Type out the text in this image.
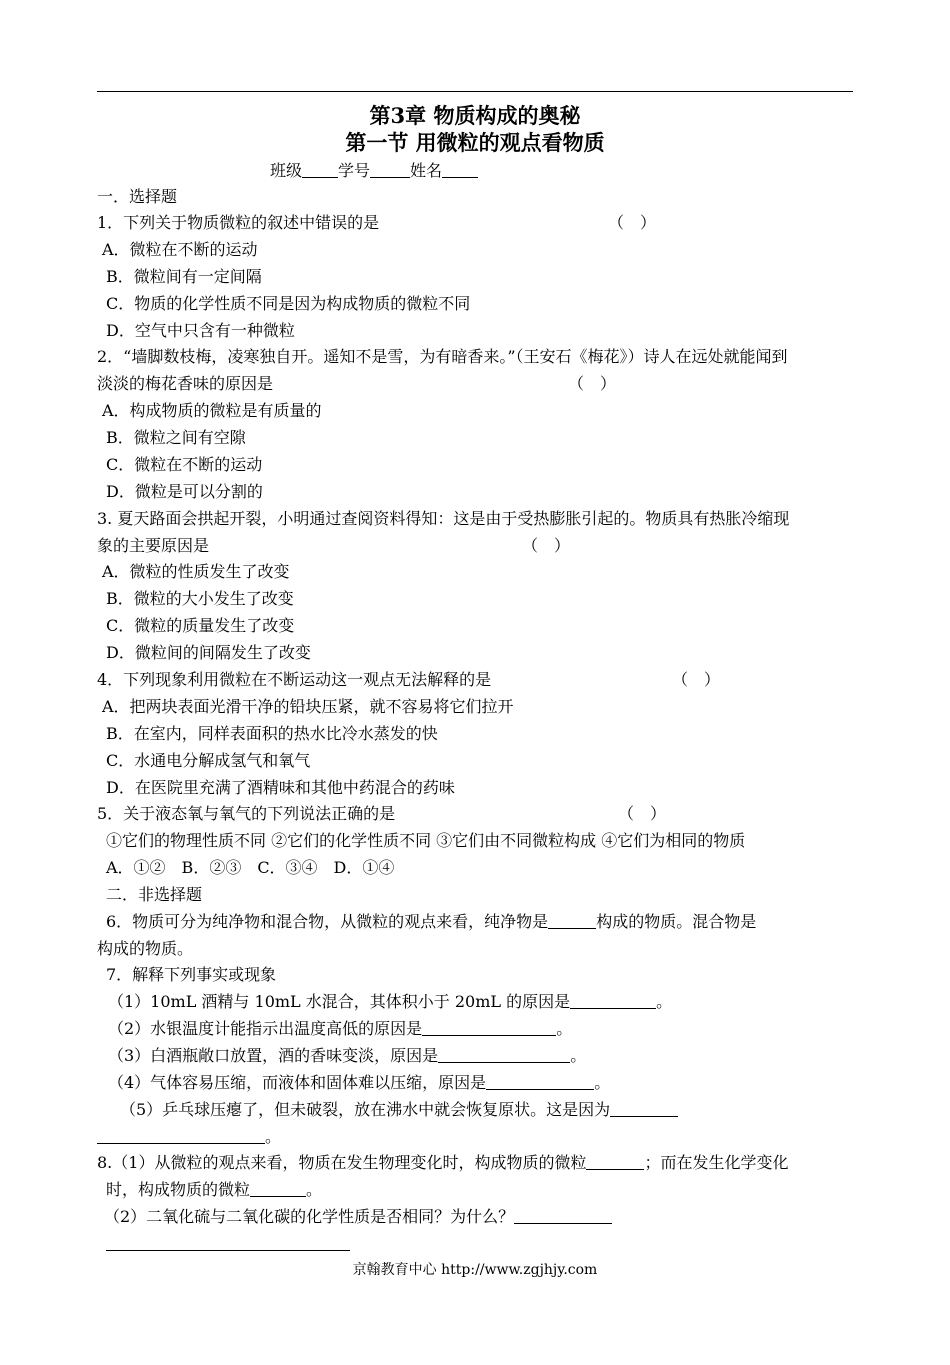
第3章 物质构成的奥秘
第一节 用微粒的观点看物质
班级 学号	姓名
一．选择题
1．下列关于物质微粒的叙述中错误的是	（　）
A．微粒在不断的运动
B．微粒间有一定间隔
C．物质的化学性质不同是因为构成物质的微粒不同
D．空气中只含有一种微粒
2．“墙脚数枝梅，凌寒独自开。遥知不是雪，为有暗香来。”（王安石《梅花》）诗人在远处就能闻到
淡淡的梅花香味的原因是	（　）
A．构成物质的微粒是有质量的
B．微粒之间有空隙
C．微粒在不断的运动
D．微粒是可以分割的
3. 夏天路面会拱起开裂，小明通过查阅资料得知：这是由于受热膨胀引起的。物质具有热胀冷缩现
象的主要原因是	（　）
A．微粒的性质发生了改变
B．微粒的大小发生了改变
C．微粒的质量发生了改变
D．微粒间的间隔发生了改变
4．下列现象利用微粒在不断运动这一观点无法解释的是	（　）
A．把两块表面光滑干净的铅块压紧，就不容易将它们拉开
B．在室内，同样表面积的热水比冷水蒸发的快
C．水通电分解成氢气和氧气
D．在医院里充满了酒精味和其他中药混合的药味
5．关于液态氧与氧气的下列说法正确的是	（　）
①它们的物理性质不同 ②它们的化学性质不同 ③它们由不同微粒构成 ④它们为相同的物质
A．①②　B．②③　C．③④　D．①④
二．非选择题
6．物质可分为纯净物和混合物，从微粒的观点来看，纯净物是	构成的物质。混合物是
构成的物质。
7．解释下列事实或现象
（1）10mL 酒精与 10mL 水混合，其体积小于 20mL 的原因是	。
（2）水银温度计能指示出温度高低的原因是	。
（3）白酒瓶敞口放置，酒的香味变淡，原因是	。
（4）气体容易压缩，而液体和固体难以压缩，原因是	。
（5）乒乓球压瘪了，但未破裂，放在沸水中就会恢复原状。这是因为
。
8.（1）从微粒的观点来看，物质在发生物理变化时，构成物质的微粒	；而在发生化学变化
时，构成物质的微粒	。
（2）二氧化硫与二氧化碳的化学性质是否相同？为什么？
京翰教育中心 http://www.zgjhjy.com
